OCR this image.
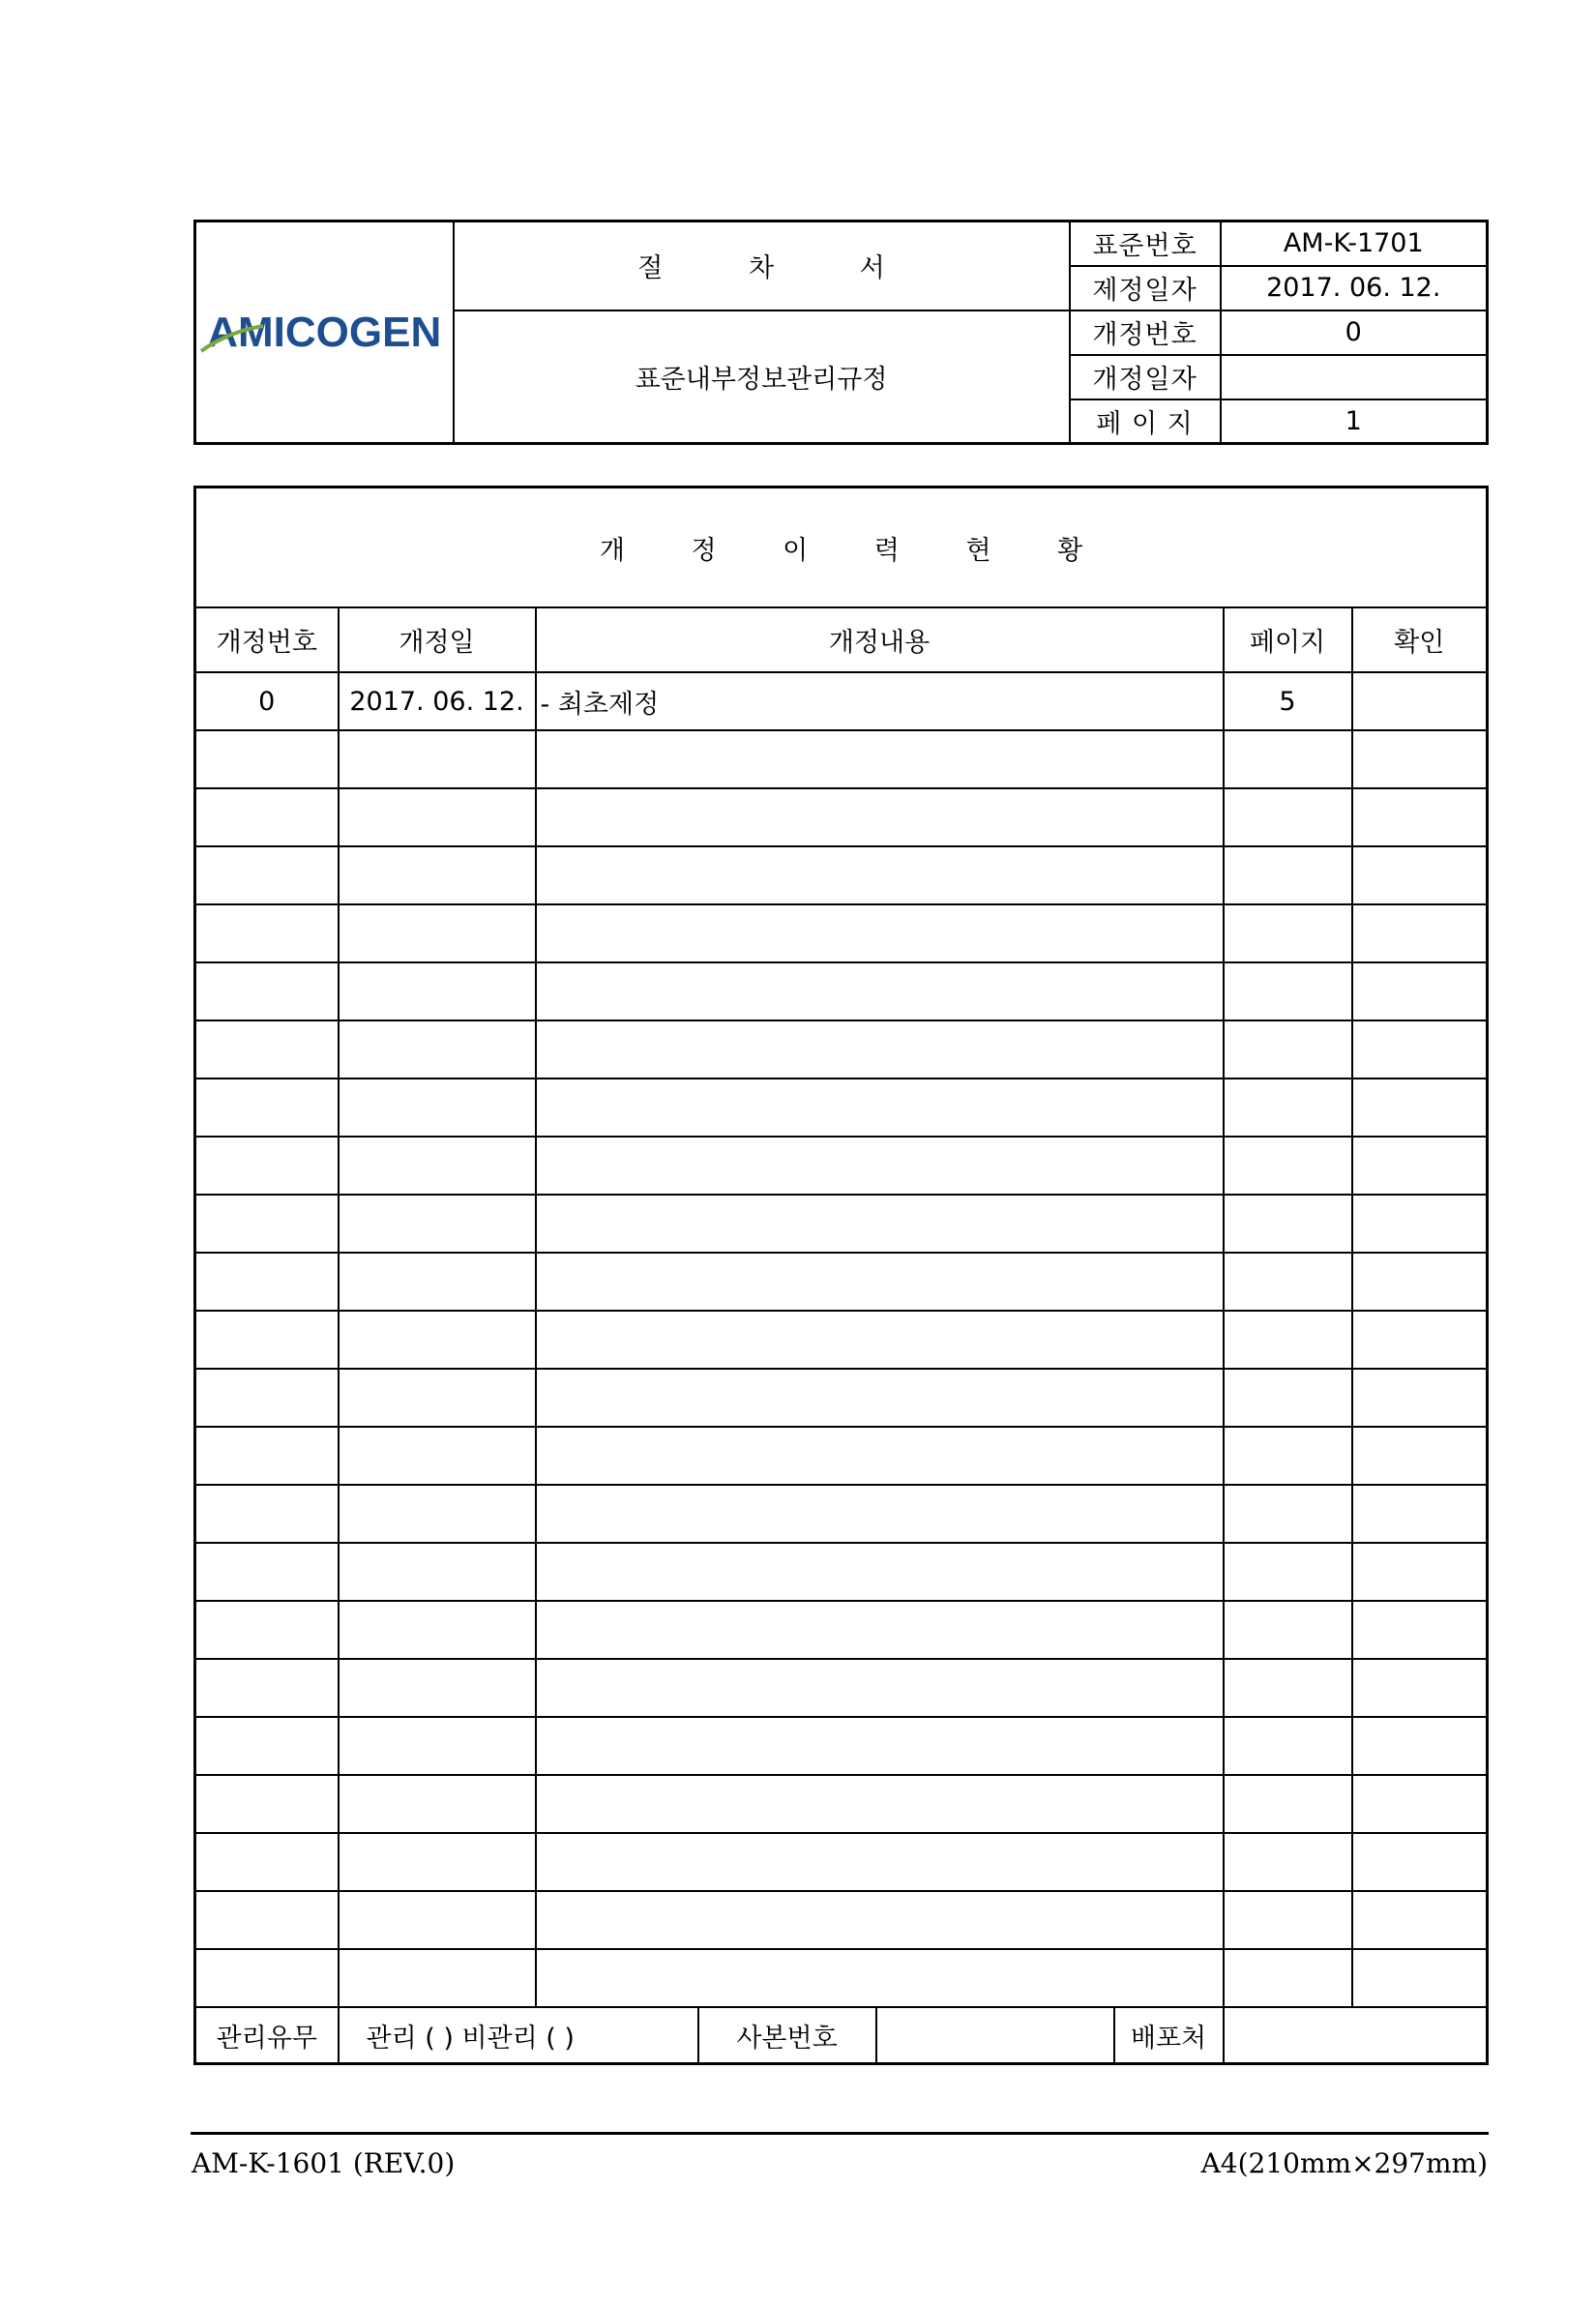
AMICOGEN	절 차 서	표준번호	AM-K-1701
		제정일자	2017. 06. 12.
	표준내부정보관리규정	개정번호	0
		개정일자	
		페 이 지	1
개 정 이 력 현 황							
개정번호	개정일	개정내용				페이지	확인
0	2017. 06. 12.	- 최초제정				5	

관리유무	관리 ( ) 비관리 ( )		사본번호		배포처		
AM-K-1601 (REV.0)	A4(210mm×297mm)
